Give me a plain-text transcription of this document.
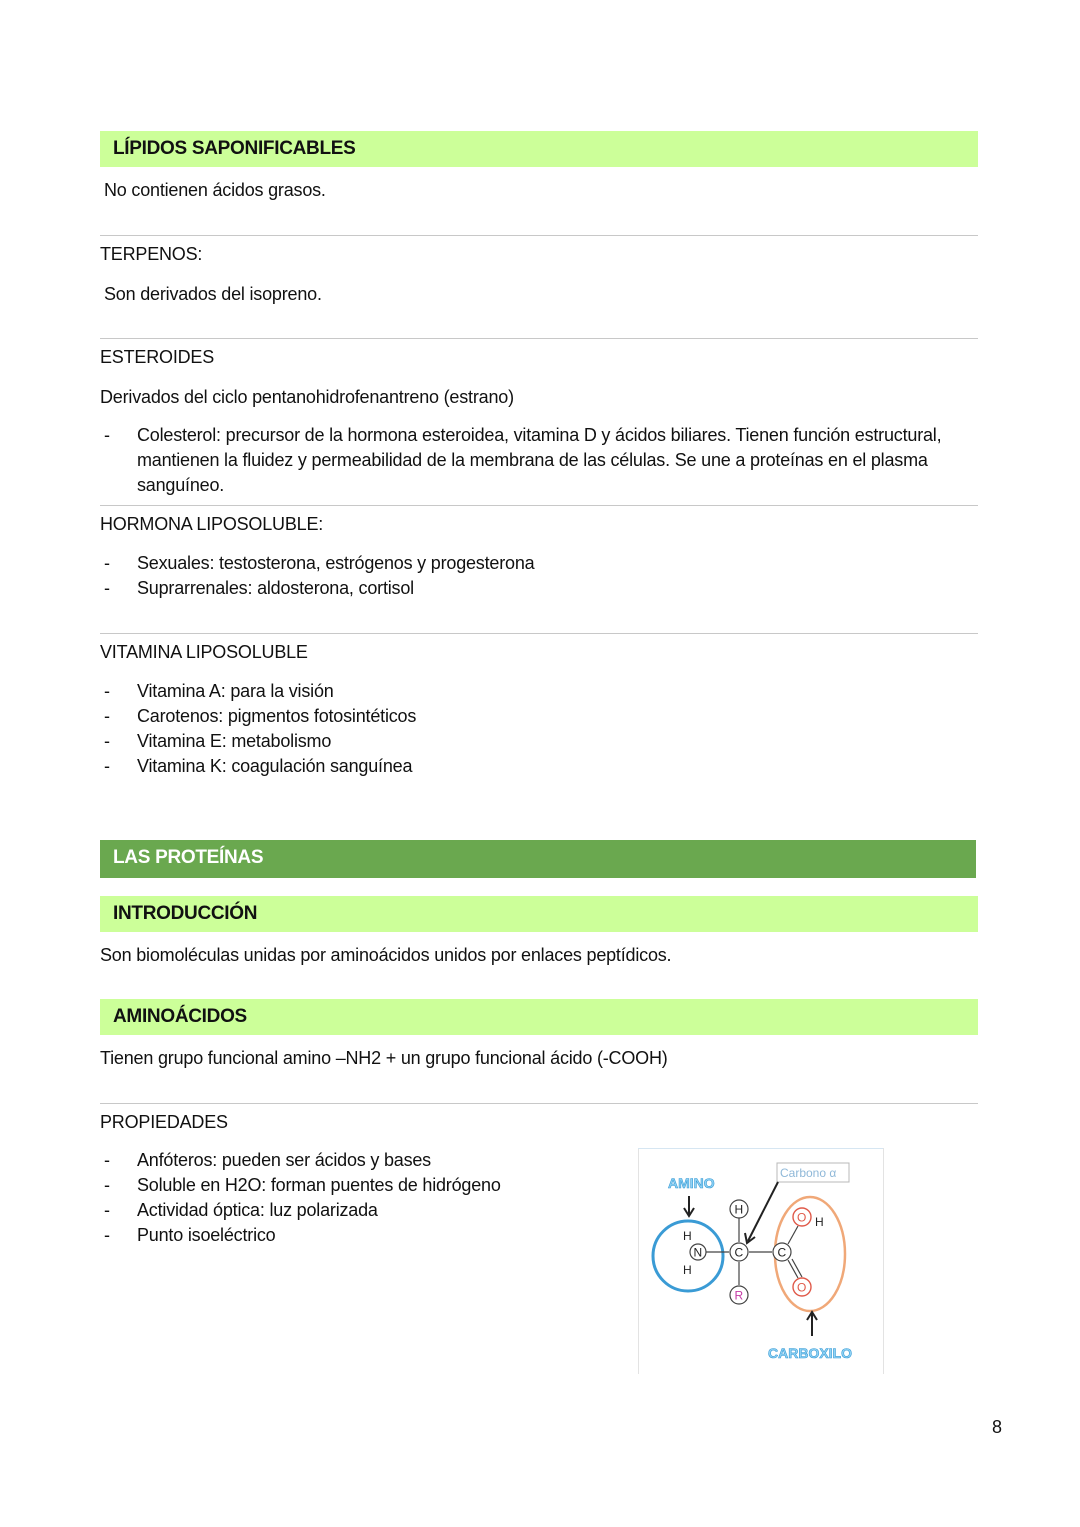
LÍPIDOS SAPONIFICABLES
No contienen ácidos grasos.
TERPENOS:
Son derivados del isopreno.
ESTEROIDES
Derivados del ciclo pentanohidrofenantreno (estrano)
- Colesterol: precursor de la hormona esteroidea, vitamina D y ácidos biliares. Tienen función estructural, mantienen la fluidez y permeabilidad de la membrana de las células. Se une a proteínas en el plasma sanguíneo.
HORMONA LIPOSOLUBLE:
- Sexuales: testosterona, estrógenos y progesterona
- Suprarrenales: aldosterona, cortisol
VITAMINA LIPOSOLUBLE
- Vitamina A: para la visión
- Carotenos: pigmentos fotosintéticos
- Vitamina E: metabolismo
- Vitamina K: coagulación sanguínea
LAS PROTEÍNAS
INTRODUCCIÓN
Son biomoléculas unidas por aminoácidos unidos por enlaces peptídicos.
AMINOÁCIDOS
Tienen grupo funcional amino –NH2 + un grupo funcional ácido (-COOH)
PROPIEDADES
- Anfóteros: pueden ser ácidos y bases
- Soluble en H2O: forman puentes de hidrógeno
- Actividad óptica: luz polarizada
- Punto isoeléctrico
AMINO
Carbono α
CARBOXILO
H
H
N	C
H
R
C
O H
O
8
